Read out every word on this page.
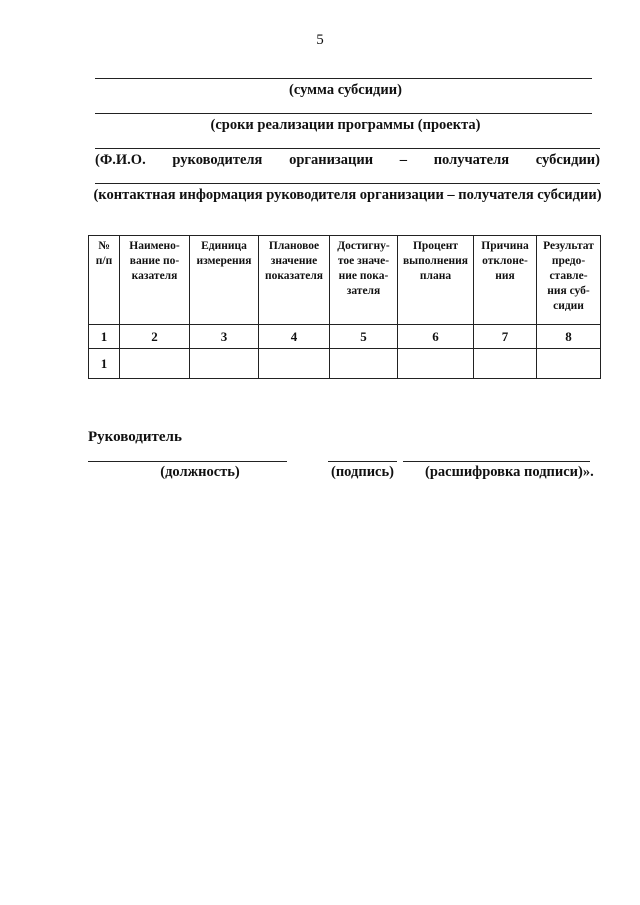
5
(сумма субсидии)
(сроки реализации программы (проекта)
(Ф.И.О. руководителя организации – получателя субсидии)
(контактная информация руководителя организации – получателя субсидии)
№
п/п	Наимено-
вание по-
казателя	Единица
измерения	Плановое
значение
показателя	Достигну-
тое значе-
ние пока-
зателя	Процент
выполнения
плана	Причина
отклоне-
ния	Результат
предо-
ставле-
ния суб-
сидии
1	2	3	4	5	6	7	8
1							
Руководитель
(должность)	(подпись)	(расшифровка подписи)».
